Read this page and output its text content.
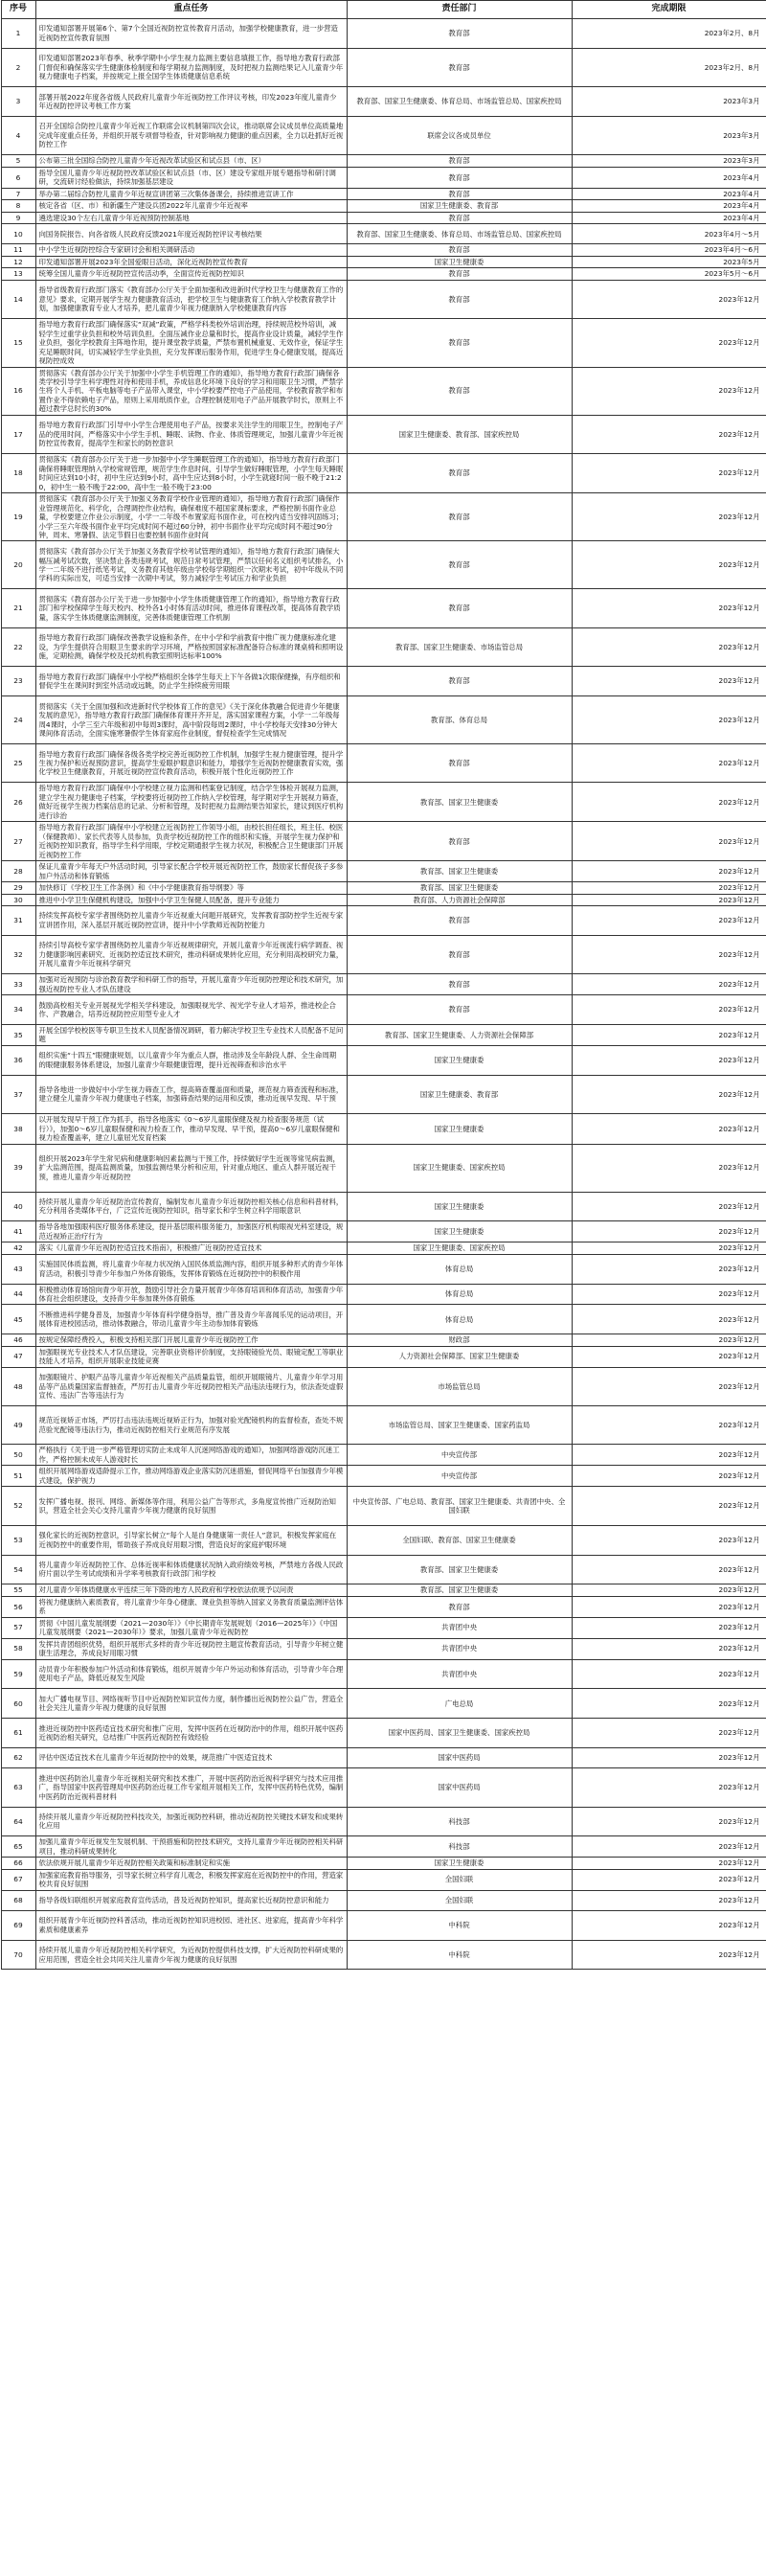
序号	重点任务	责任部门	完成期限
1	印发通知部署开展第6个、第7个全国近视防控宣传教育月活动，加强学校健康教育，进一步营造近视防控宣传教育氛围	教育部	2023年2月、8月
2	印发通知部署2023年春季、秋季学期中小学生视力监测主要信息填报工作，指导地方教育行政部门督促和确保落实学生健康体检制度和每学期视力监测制度，及时把视力监测结果记入儿童青少年视力健康电子档案，并按规定上报全国学生体质健康信息系统	教育部	2023年2月、8月
3	部署开展2022年度各省级人民政府儿童青少年近视防控工作评议考核，印发2023年度儿童青少年近视防控评议考核工作方案	教育部、国家卫生健康委、体育总局、市场监管总局、国家疾控局	2023年3月
4	召开全国综合防控儿童青少年近视工作联席会议机制第四次会议，推动联席会议成员单位高质量地完成年度重点任务，并组织开展专项督导检查，针对影响视力健康的重点因素，全力以赴抓好近视防控工作	联席会议各成员单位	2023年3月
5	公布第三批全国综合防控儿童青少年近视改革试验区和试点县（市、区）	教育部	2023年3月
6	指导全国儿童青少年近视防控改革试验区和试点县（市、区）建设专家组开展专题指导和研讨调研，交流研讨经验做法，持续加强基层建设	教育部	2023年4月
7	举办第二届综合防控儿童青少年近视宣讲团第三次集体备课会，持续推进宣讲工作	教育部	2023年4月
8	核定各省（区、市）和新疆生产建设兵团2022年儿童青少年近视率	国家卫生健康委、教育部	2023年4月
9	遴选建设30个左右儿童青少年近视预防控制基地	教育部	2023年4月
10	向国务院报告、向各省级人民政府反馈2021年度近视防控评议考核结果	教育部、国家卫生健康委、体育总局、市场监管总局、国家疾控局	2023年4月～5月
11	中小学生近视防控综合专家研讨会和相关调研活动	教育部	2023年4月～6月
12	印发通知部署开展2023年全国爱眼日活动，深化近视防控宣传教育	国家卫生健康委	2023年5月
13	统筹全国儿童青少年近视防控宣传活动季，全面宣传近视防控知识	教育部	2023年5月～6月
14	指导省级教育行政部门落实《教育部办公厅关于全面加强和改进新时代学校卫生与健康教育工作的意见》要求，定期开展学生视力健康教育活动，把学校卫生与健康教育工作纳入学校教育教学计划，加强健康教育专业人才培养，把儿童青少年视力健康纳入学校健康教育内容	教育部	2023年12月
15	指导地方教育行政部门确保落实“双减”政策，严格学科类校外培训治理，持续规范校外培训，减轻学生过重学业负担和校外培训负担。全面压减作业总量和时长，提高作业设计质量，减轻学生作业负担，强化学校教育主阵地作用，提升课堂教学质量，严禁布置机械重复、无效作业，保证学生充足睡眠时间，切实减轻学生学业负担，充分发挥课后服务作用，促进学生身心健康发展，提高近视防控成效	教育部	2023年12月
16	贯彻落实《教育部办公厅关于加强中小学生手机管理工作的通知》，指导地方教育行政部门确保各类学校引导学生科学理性对待和使用手机，养成信息化环境下良好的学习和用眼卫生习惯，严禁学生将个人手机、平板电脑等电子产品带入课堂，中小学校要严控电子产品使用，学校教育教学和布置作业不得依赖电子产品，原则上采用纸质作业，合理控制使用电子产品开展教学时长，原则上不超过教学总时长的30%	教育部	2023年12月
17	指导地方教育行政部门引导中小学生合理使用电子产品，按要求关注学生的用眼卫生，控制电子产品的使用时间，严格落实中小学生手机、睡眠、读物、作业、体质管理规定，加强儿童青少年近视防控宣传教育，提高学生和家长的防控意识	国家卫生健康委、教育部、国家疾控局	2023年12月
18	贯彻落实《教育部办公厅关于进一步加强中小学生睡眠管理工作的通知》，指导地方教育行政部门确保将睡眠管理纳入学校常规管理，规范学生作息时间，引导学生做好睡眠管理，小学生每天睡眠时间应达到10小时，初中生应达到9小时，高中生应达到8小时，小学生就寝时间一般不晚于21:20，初中生一般不晚于22:00，高中生一般不晚于23:00	教育部	2023年12月
19	贯彻落实《教育部办公厅关于加强义务教育学校作业管理的通知》，指导地方教育行政部门确保作业管理规范化、科学化，合理调控作业结构，确保难度不超国家课标要求，严格控制书面作业总量，学校要建立作业公示制度，小学一二年级不布置家庭书面作业，可在校内适当安排巩固练习；小学三至六年级书面作业平均完成时间不超过60分钟，初中书面作业平均完成时间不超过90分钟，周末、寒暑假、法定节假日也要控制书面作业时间	教育部	2023年12月
20	贯彻落实《教育部办公厅关于加强义务教育学校考试管理的通知》，指导地方教育行政部门确保大幅压减考试次数，坚决禁止各类违规考试，规范日常考试管理，严禁以任何名义组织考试排名，小学一二年级不进行纸笔考试，义务教育其他年级由学校每学期组织一次期末考试，初中年级从不同学科的实际出发，可适当安排一次期中考试，努力减轻学生考试压力和学业负担	教育部	2023年12月
21	贯彻落实《教育部办公厅关于进一步加强中小学生体质健康管理工作的通知》，指导地方教育行政部门和学校保障学生每天校内、校外各1小时体育活动时间，推进体育课程改革，提高体育教学质量，落实学生体质健康监测制度，完善体质健康管理工作机制	教育部	2023年12月
22	指导地方教育行政部门确保改善教学设施和条件，在中小学和学前教育中推广视力健康标准化建设，为学生提供符合用眼卫生要求的学习环境，严格按照国家标准配备符合标准的课桌椅和照明设施，定期检测，确保学校及托幼机构教室照明达标率100%	教育部、国家卫生健康委、市场监管总局	2023年12月
23	指导地方教育行政部门确保中小学校严格组织全体学生每天上下午各做1次眼保健操，有序组织和督促学生在课间时到室外活动或远眺，防止学生持续疲劳用眼	教育部	2023年12月
24	贯彻落实《关于全面加强和改进新时代学校体育工作的意见》《关于深化体教融合促进青少年健康发展的意见》，指导地方教育行政部门确保体育课开齐开足，落实国家课程方案，小学一二年级每周4课时，小学三至六年级和初中每周3课时，高中阶段每周2课时，中小学校每天安排30分钟大课间体育活动，全面实施寒暑假学生体育家庭作业制度，督促检查学生完成情况	教育部、体育总局	2023年12月
25	指导地方教育行政部门确保各级各类学校完善近视防控工作机制，加强学生视力健康管理，提升学生视力保护和近视预防意识，提高学生爱眼护眼意识和能力，增强学生近视防控健康教育实效，强化学校卫生健康教育，开展近视防控宣传教育活动，积极开展个性化近视防控工作	教育部	2023年12月
26	指导地方教育行政部门确保中小学校建立视力监测和档案登记制度，结合学生体检开展视力监测，建立学生视力健康电子档案，学校要将近视防控工作纳入学校管理，每学期对学生开展视力筛查，做好近视学生视力档案信息的记录、分析和管理，及时把视力监测结果告知家长，建议到医疗机构进行诊治	教育部、国家卫生健康委	2023年12月
27	指导地方教育行政部门确保中小学校建立近视防控工作领导小组，由校长担任组长，班主任、校医（保健教师）、家长代表等人员参加，负责学校近视防控工作的组织和实施，开展学生视力保护和近视防控知识教育，指导学生科学用眼，学校定期通报学生视力状况，积极配合卫生健康部门开展近视防控工作	教育部	2023年12月
28	保证儿童青少年每天户外活动时间，引导家长配合学校开展近视防控工作，鼓励家长督促孩子多参加户外活动和体育锻炼	教育部、国家卫生健康委	2023年12月
29	加快修订《学校卫生工作条例》和《中小学健康教育指导纲要》等	教育部、国家卫生健康委	2023年12月
30	推进中小学卫生保健机构建设，加强中小学卫生保健人员配备，提升专业能力	教育部、人力资源社会保障部	2023年12月
31	持续发挥高校专家学者围绕防控儿童青少年近视重大问题开展研究，发挥教育部防控学生近视专家宣讲团作用，深入基层开展近视防控宣讲，提升中小学教师近视防控能力	教育部	2023年12月
32	持续引导高校专家学者围绕防控儿童青少年近视规律研究，开展儿童青少年近视流行病学调查、视力健康影响因素研究、近视防控适宜技术研究，推动科研成果转化应用，充分利用高校研究力量，开展儿童青少年近视科学研究	教育部	2023年12月
33	加强对近视预防与诊治教育教学和科研工作的指导，开展儿童青少年近视防控理论和技术研究，加强近视防控专业人才队伍建设	教育部	2023年12月
34	鼓励高校相关专业开展视光学相关学科建设，加强眼视光学、视光学专业人才培养，推进校企合作、产教融合，培养近视防控应用型专业人才	教育部	2023年12月
35	开展全国学校校医等专职卫生技术人员配备情况调研，着力解决学校卫生专业技术人员配备不足问题	教育部、国家卫生健康委、人力资源社会保障部	2023年12月
36	组织实施“十四五”眼健康规划，以儿童青少年为重点人群，推动涉及全年龄段人群、全生命周期的眼健康服务体系建设，加强儿童青少年眼健康管理，提升近视筛查和诊治水平	国家卫生健康委	2023年12月
37	指导各地进一步做好中小学生视力筛查工作，提高筛查覆盖面和质量，规范视力筛查流程和标准，建立健全儿童青少年视力健康电子档案，加强筛查结果的运用和反馈，推动近视早发现、早干预	国家卫生健康委、教育部	2023年12月
38	以开展发现早干预工作为抓手，指导各地落实《0～6岁儿童眼保健及视力检查服务规范（试行）》，加强0～6岁儿童眼保健和视力检查工作，推动早发现、早干预，提高0～6岁儿童眼保健和视力检查覆盖率，建立儿童屈光发育档案	国家卫生健康委	2023年12月
39	组织开展2023年学生常见病和健康影响因素监测与干预工作，持续做好学生近视等常见病监测，扩大监测范围，提高监测质量，加强监测结果分析和应用，针对重点地区、重点人群开展近视干预，推进儿童青少年近视防控	国家卫生健康委、国家疾控局	2023年12月
40	持续开展儿童青少年近视防治宣传教育，编制发布儿童青少年近视防控相关核心信息和科普材料，充分利用各类媒体平台，广泛宣传近视防控知识，指导家长和学生树立科学用眼意识	国家卫生健康委	2023年12月
41	指导各地加强眼科医疗服务体系建设，提升基层眼科服务能力，加强医疗机构眼视光科室建设，规范近视矫正治疗行为	国家卫生健康委	2023年12月
42	落实《儿童青少年近视防控适宜技术指南》，积极推广近视防控适宜技术	国家卫生健康委、国家疾控局	2023年12月
43	实施国民体质监测，将儿童青少年视力状况纳入国民体质监测内容，组织开展多种形式的青少年体育活动，积极引导青少年参加户外体育锻炼，发挥体育锻炼在近视防控中的积极作用	体育总局	2023年12月
44	积极推动体育场馆向青少年开放，鼓励引导社会力量开展青少年体育培训和体育活动，加强青少年体育社会组织建设，支持青少年参加课外体育锻炼	体育总局	2023年12月
45	不断推进科学健身普及，加强青少年体育科学健身指导，推广普及青少年喜闻乐见的运动项目，开展体育进校园活动，推动体教融合，带动儿童青少年主动参加体育锻炼	体育总局	2023年12月
46	按规定保障经费投入，积极支持相关部门开展儿童青少年近视防控工作	财政部	2023年12月
47	加强眼视光专业技术人才队伍建设，完善职业资格评价制度，支持眼镜验光员、眼镜定配工等职业技能人才培养，组织开展职业技能竞赛	人力资源社会保障部、国家卫生健康委	2023年12月
48	加强眼镜片、护眼产品等儿童青少年近视相关产品质量监管，组织开展眼镜片、儿童青少年学习用品等产品质量国家监督抽查，严厉打击儿童青少年近视防控相关产品违法违规行为，依法查处虚假宣传、违法广告等违法行为	市场监管总局	2023年12月
49	规范近视矫正市场，严厉打击违法违规近视矫正行为，加强对验光配镜机构的监督检查，查处不规范验光配镜等违法行为，推动近视防控相关行业规范有序发展	市场监管总局、国家卫生健康委、国家药监局	2023年12月
50	严格执行《关于进一步严格管理切实防止未成年人沉迷网络游戏的通知》，加强网络游戏防沉迷工作，严格控制未成年人游戏时长	中央宣传部	2023年12月
51	组织开展网络游戏适龄提示工作，推动网络游戏企业落实防沉迷措施，督促网络平台加强青少年模式建设，保护视力	中央宣传部	2023年12月
52	发挥广播电视、报刊、网络、新媒体等作用，利用公益广告等形式，多角度宣传推广近视防治知识，营造全社会关心支持儿童青少年视力健康的良好氛围	中央宣传部、广电总局、教育部、国家卫生健康委、共青团中央、全国妇联	2023年12月
53	强化家长的近视防控意识，引导家长树立“每个人是自身健康第一责任人”意识，积极发挥家庭在近视防控中的重要作用，帮助孩子养成良好用眼习惯，营造良好的家庭护眼环境	全国妇联、教育部、国家卫生健康委	2023年12月
54	将儿童青少年近视防控工作、总体近视率和体质健康状况纳入政府绩效考核，严禁地方各级人民政府片面以学生考试成绩和升学率考核教育行政部门和学校	教育部、国家卫生健康委	2023年12月
55	对儿童青少年体质健康水平连续三年下降的地方人民政府和学校依法依规予以问责	教育部、国家卫生健康委	2023年12月
56	将视力健康纳入素质教育，将儿童青少年身心健康、课业负担等纳入国家义务教育质量监测评估体系	教育部	2023年12月
57	贯彻《中国儿童发展纲要（2021—2030年）》《中长期青年发展规划（2016—2025年）》《中国儿童发展纲要（2021—2030年）》要求，加强儿童青少年近视防控	共青团中央	2023年12月
58	发挥共青团组织优势，组织开展形式多样的青少年近视防控主题宣传教育活动，引导青少年树立健康生活理念，养成良好用眼习惯	共青团中央	2023年12月
59	动员青少年积极参加户外活动和体育锻炼，组织开展青少年户外运动和体育活动，引导青少年合理使用电子产品，降低近视发生风险	共青团中央	2023年12月
60	加大广播电视节目、网络视听节目中近视防控知识宣传力度，制作播出近视防控公益广告，营造全社会关注儿童青少年视力健康的良好氛围	广电总局	2023年12月
61	推进近视防控中医药适宜技术研究和推广应用，发挥中医药在近视防治中的作用，组织开展中医药近视防治相关研究，总结推广中医药近视防控有效经验	国家中医药局、国家卫生健康委、国家疾控局	2023年12月
62	评估中医适宜技术在儿童青少年近视防控中的效果，规范推广中医适宜技术	国家中医药局	2023年12月
63	推进中医药防治儿童青少年近视相关研究和技术推广，开展中医药防治近视科学研究与技术应用推广，指导国家中医药管理局中医药防治近视工作专家组开展相关工作，发挥中医药特色优势，编制中医药防治近视科普材料	国家中医药局	2023年12月
64	持续开展儿童青少年近视防控科技攻关，加强近视防控科研，推动近视防控关键技术研发和成果转化应用	科技部	2023年12月
65	加强儿童青少年近视发生发展机制、干预措施和防控技术研究，支持儿童青少年近视防控相关科研项目，推动科研成果转化	科技部	2023年12月
66	依法依规开展儿童青少年近视防控相关政策和标准制定和实施	国家卫生健康委	2023年12月
67	加强家庭教育指导服务，引导家长树立科学育儿观念，积极发挥家庭在近视防控中的作用，营造家校共育良好氛围	全国妇联	2023年12月
68	指导各级妇联组织开展家庭教育宣传活动，普及近视防控知识，提高家长近视防控意识和能力	全国妇联	2023年12月
69	组织开展青少年近视防控科普活动，推动近视防控知识进校园、进社区、进家庭，提高青少年科学素质和健康素养	中科院	2023年12月
70	持续开展儿童青少年近视防控相关科学研究，为近视防控提供科技支撑，扩大近视防控科研成果的应用范围，营造全社会共同关注儿童青少年视力健康的良好氛围	中科院	2023年12月
